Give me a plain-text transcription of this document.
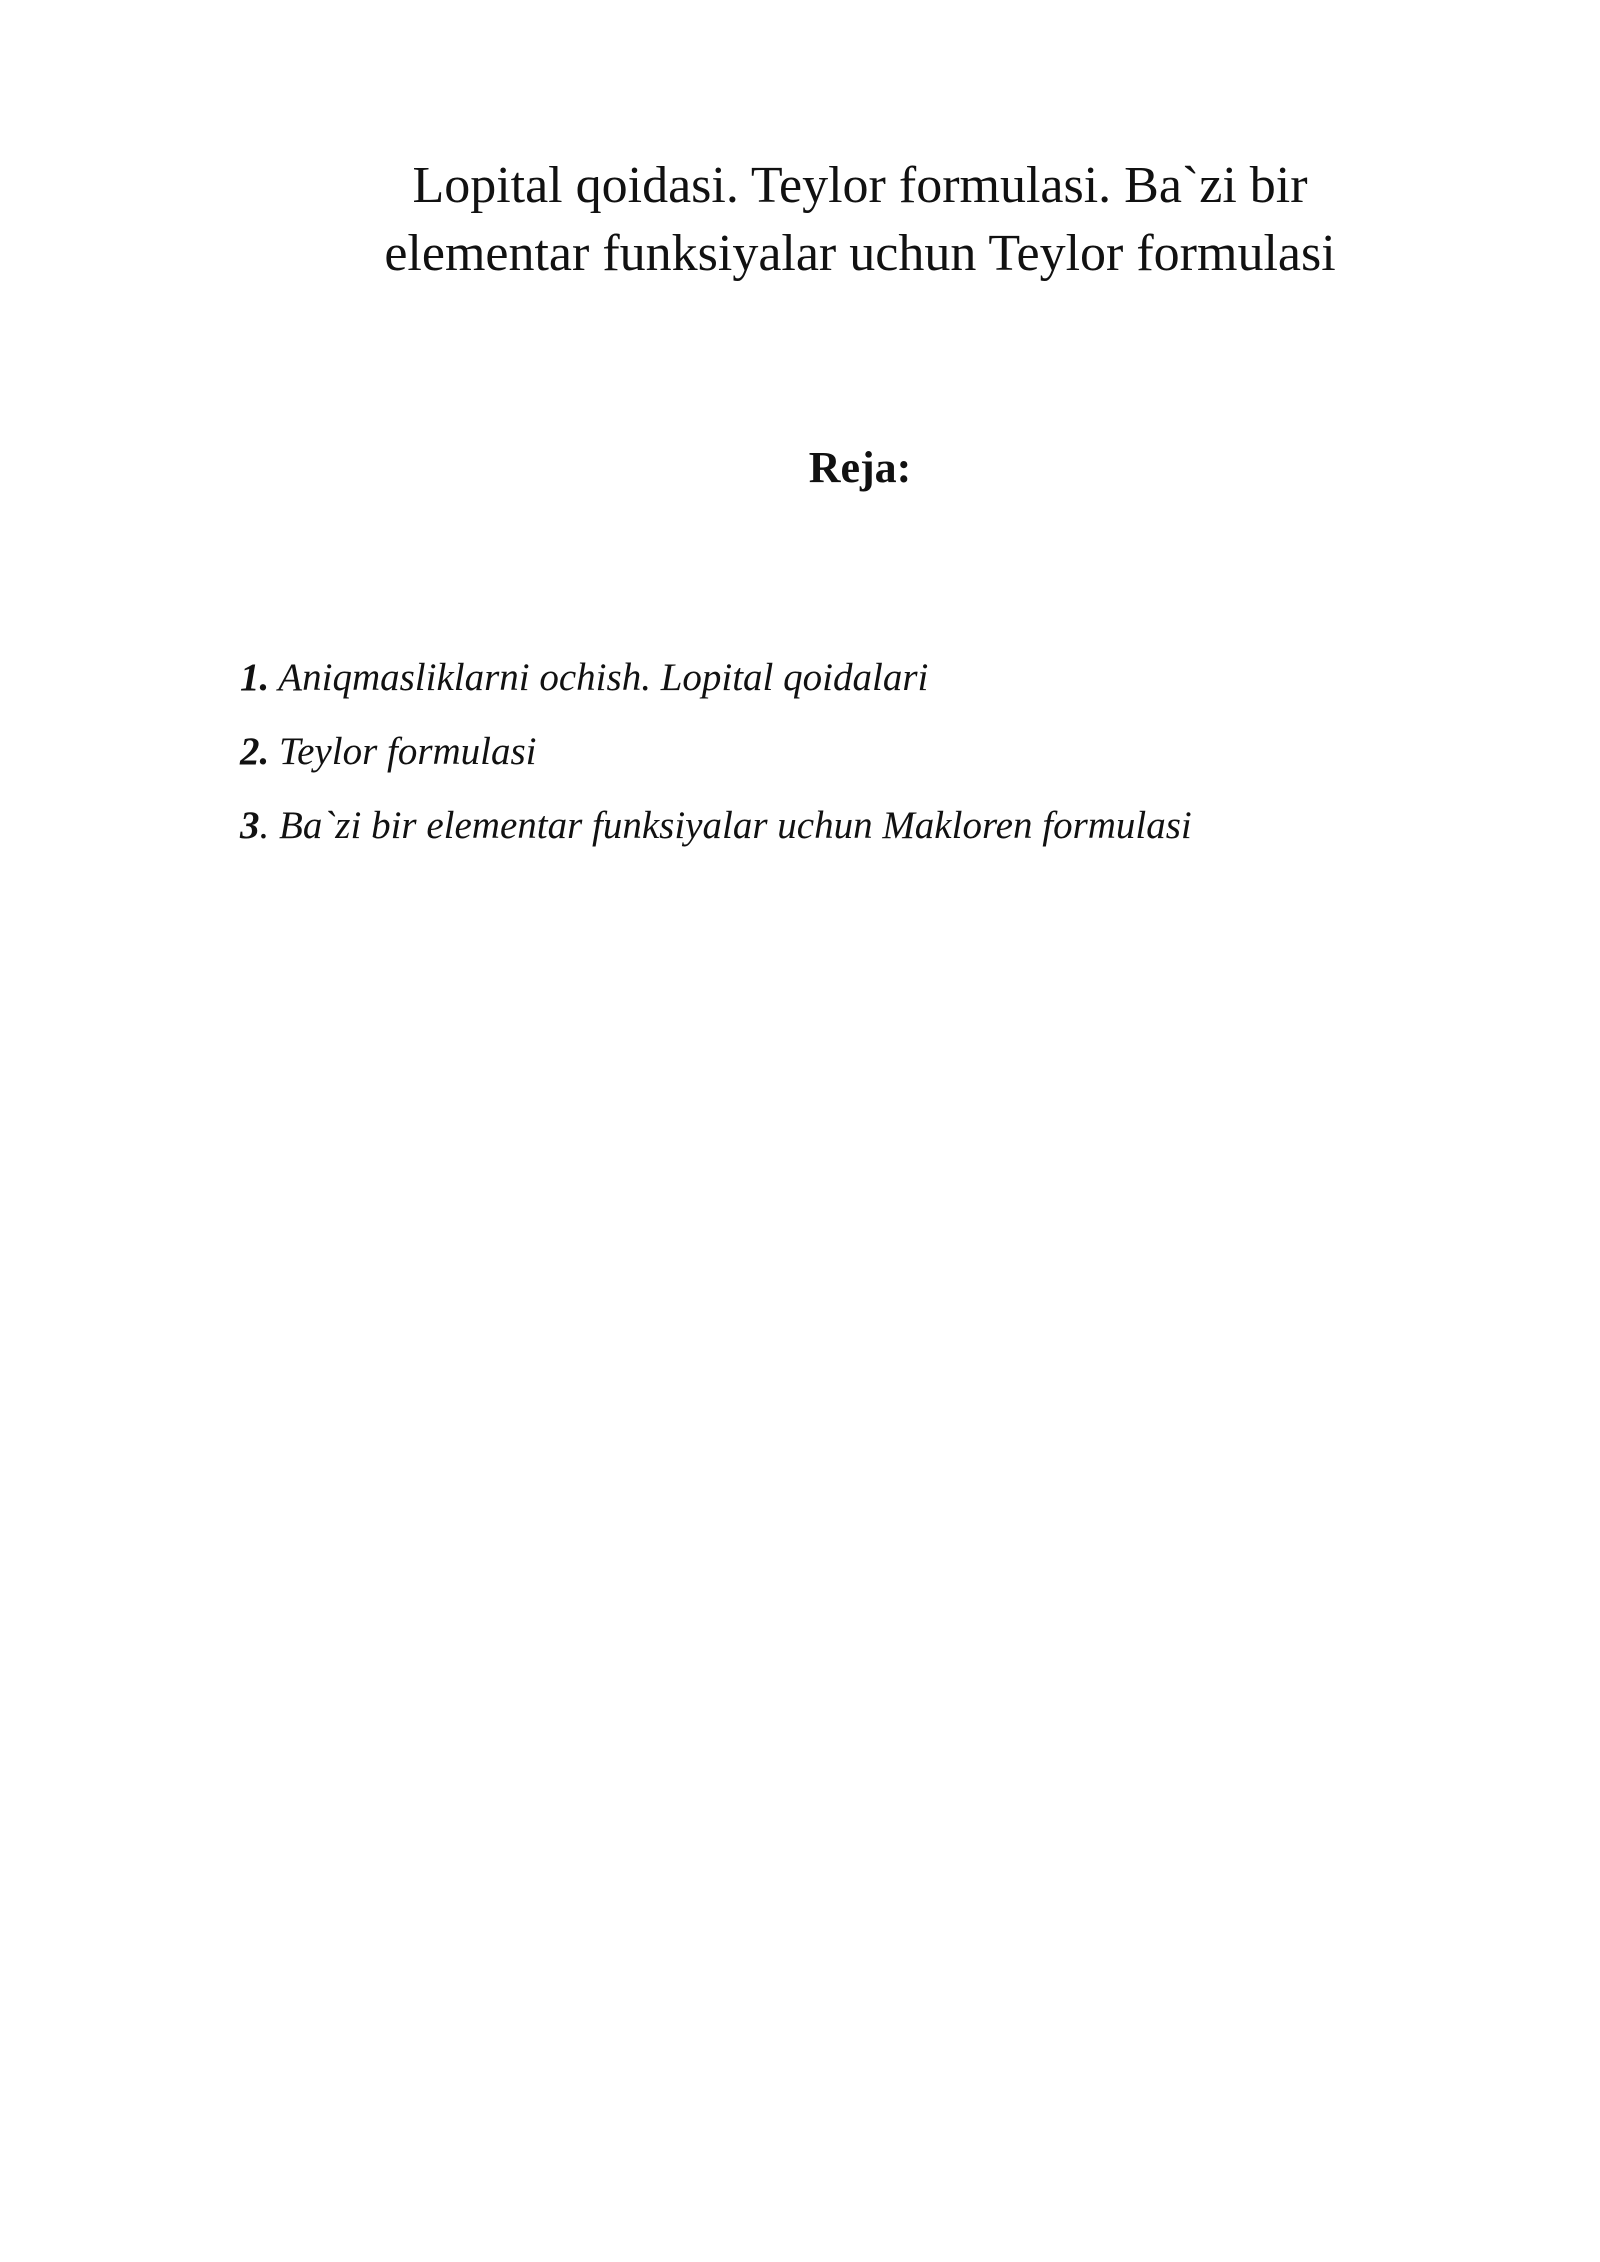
Lopital qoidasi. Teylor formulasi. Ba`zi bir
elementar funksiyalar uchun Teylor formulasi
Reja:
1. Aniqmasliklarni ochish. Lopital qoidalari
2. Teylor formulasi
3. Ba`zi bir elementar funksiyalar uchun Makloren formulasi
